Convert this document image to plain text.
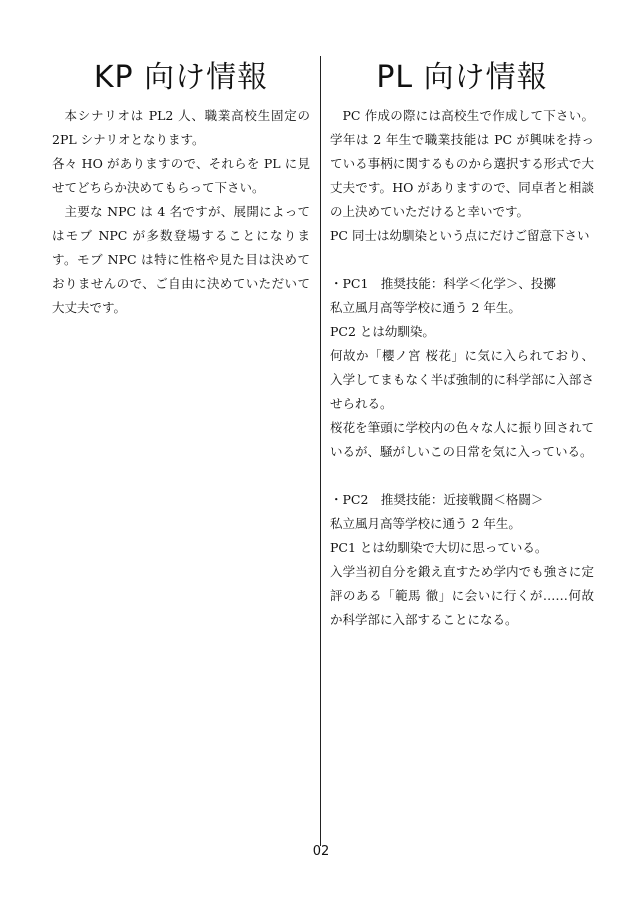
KP 向け情報

本シナリオは PL2 人、職業高校生固定の 2PL シナリオとなります。

各々 HO がありますので、それらを PL に見せてどちらか決めてもらって下さい。

主要な NPC は 4 名ですが、展開によってはモブ NPC が多数登場することになります。モブ NPC は特に性格や見た目は決めておりませんので、ご自由に決めていただいて大丈夫です。

PL 向け情報

PC 作成の際には高校生で作成して下さい。学年は 2 年生で職業技能は PC が興味を持っている事柄に関するものから選択する形式で大丈夫です。HO がありますので、同卓者と相談の上決めていただけると幸いです。

PC 同士は幼馴染という点にだけご留意下さい

・PC1　推奨技能：科学＜化学＞、投擲

私立風月高等学校に通う 2 年生。

PC2 とは幼馴染。

何故か「櫻ノ宮 桜花」に気に入られており、入学してまもなく半ば強制的に科学部に入部させられる。

桜花を筆頭に学校内の色々な人に振り回されているが、騒がしいこの日常を気に入っている。

・PC2　推奨技能：近接戦闘＜格闘＞

私立風月高等学校に通う 2 年生。

PC1 とは幼馴染で大切に思っている。

入学当初自分を鍛え直すため学内でも強さに定評のある「範馬 徹」に会いに行くが……何故か科学部に入部することになる。

02
